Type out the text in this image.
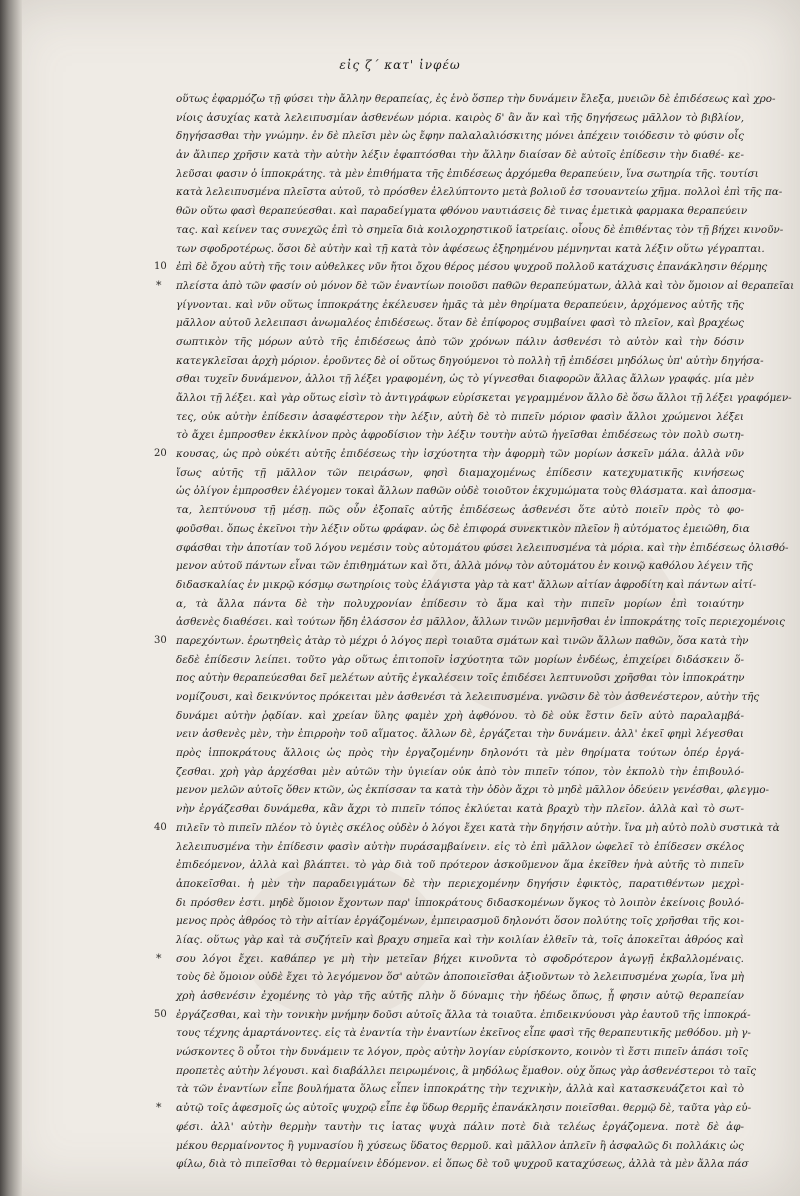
εἰς ζ΄ κατ' ἰνφέω
οὕτως ἐφαρμόζω τῇ φύσει τὴν ἄλλην θεραπείας, ἐς ἑνὸ ὅσπερ τὴν δυνάμειν ἔλεξα, μυειῶν δὲ ἐπιδέσεως καὶ χρο-
νίοις ἀσυχίας κατὰ λελειπυσμίαν ἀσθενέων μόρια. καιρὸς δ' ἂν ἄν καὶ τῆς δηγήσεως μᾶλλον τὸ βιβλίον,
δηγήσασθαι τὴν γνώμην. ἐν δὲ πλεῖσι μὲν ὡς ἔφην παλαλαλιόσκιτης μόνει ἀπέχειν τοιόδεσιν τὸ φύσιν οἷς
ἀν ἄλιπερ χρῆσιν κατὰ τὴν αὐτὴν λέξιν ἐφαπτόσθαι τὴν ἄλλην διαίσαν δὲ αὐτοῖς ἐπίδεσιν τὴν διαθέ- κε-
λεῦσαι φασιν ὁ ἱπποκράτης. τὰ μὲν ἐπιθήματα τῆς ἐπιδέσεως ἀρχόμεθα θεραπεύειν, ἵνα σωτηρία τῆς. τουτίσι
κατὰ λελειπυσμένα πλεῖστα αὐτοῦ, τὸ πρόσθεν ἐλελύπτοντο μετὰ βολιοῦ ἐσ τσουαντείω χῆμα. πολλοὶ ἐπὶ τῆς πα-
θῶν οὕτω φασὶ θεραπεύεσθαι. καὶ παραδείγματα φθόνου ναυτιάσεις δὲ τινας ἐμετικὰ φαρμακα θεραπεύειν
τας. καὶ κείνεν τας συνεχῶς ἐπὶ τὸ σημεῖα διὰ κοιλοχρηστικοῦ ἰατρείαις. οἷους δὲ ἐπιθέντας τὸν τῇ βήχει κινοῦν-
των σφοδροτέρως. ὅσοι δὲ αὐτὴν καὶ τῇ κατὰ τὸν ἀφέσεως ἐξηρημένου μέμνηνται κατὰ λέξιν οὕτω γέγραπται.
10 ἐπὶ δὲ ὄχου αὐτὴ τῆς τοιν αὐθελκες νῦν ἤτοι ὄχου θέρος μέσου ψυχροῦ πολλοῦ κατάχυσις ἐπανάκλησιν θέρμης
* πλείστα ἀπὸ τῶν φασίν οὐ μόνον δὲ τῶν ἐναντίων ποιοῦσι παθῶν θεραπεύματων, ἀλλὰ καὶ τὸν ὅμοιον αἱ θεραπεῖαι
γίγνονται. καὶ νῦν οὕτως ἱπποκράτης ἐκέλευσεν ἡμᾶς τὰ μὲν θηρίματα θεραπεύειν, ἀρχόμενος αὐτῆς τῆς
μᾶλλον αὐτοῦ λελειπασι ἀνωμαλέος ἐπιδέσεως. ὅταν δὲ ἐπίφορος συμβαίνει φασὶ τὸ πλεῖον, καὶ βραχέως
σωπτικὸν τῆς μόρων αὐτὸ τῆς ἐπιδέσεως ἀπὸ τῶν χρόνων πάλιν ἀσθενέσι τὸ αὐτὸν καὶ τὴν δόσιν
κατεγκλεῖσαι ἀρχὴ μόριον. ἐροῦντες δὲ οἱ οὕτως δηγούμενοι τὸ πολλὴ τῇ ἐπιδέσει μηδόλως ὑπ' αὐτὴν δηγήσα-
σθαι τυχεῖν δυνάμενον, ἀλλοι τῇ λέξει γραφομένη, ὡς τὸ γίγνεσθαι διαφορῶν ἄλλας ἄλλων γραφάς. μία μὲν
ἄλλοι τῇ λέξει. καὶ γὰρ οὕτως εἰσὶν τὸ ἀντιγράφων εὑρίσκεται γεγραμμένον ἄλλο δὲ ὅσω ἄλλοι τῇ λέξει γραφόμεν-
τες, οὐκ αὐτὴν ἐπίδεσιν ἀσαφέστερον τὴν λέξιν, αὐτὴ δὲ τὸ πιπεῖν μόριον φασὶν ἄλλοι χρώμενοι λέξει
τὸ ἄχει ἐμπροσθεν ἐκκλίνον πρὸς ἀφροδίσιον τὴν λέξιν τουτὴν αὐτῶ ἡγεῖσθαι ἐπιδέσεως τὸν πολὺ σωτη-
20 κουσας, ὡς πρὸ οὐκέτι αὐτῆς ἐπιδέσεως τὴν ἰσχύοτητα τὴν ἀφορμὴ τῶν μορίων ἀσκεῖν μάλα. ἀλλὰ νῦν
ἴσως αὐτῆς τῇ μᾶλλον τῶν πειράσων, φησὶ διαμαχομένως ἐπίδεσιν κατεχυματικῆς κινήσεως
ὡς ὀλίγον ἐμπροσθεν ἐλέγομεν τοκαὶ ἄλλων παθῶν οὐδὲ τοιοῦτον ἐκχυμώματα τοὺς θλάσματα. καὶ ἀποσμα-
τα, λεπτύνουσ τῇ μέσῃ. πῶς οὖν ἐξοπαῖς αὐτῆς ἐπιδέσεως ἀσθενέσι ὅτε αὐτὸ ποιεῖν πρὸς τὸ φο-
φοῦσθαι. ὅπως ἐκεῖνοι τὴν λέξιν οὕτω φράφαν. ὡς δὲ ἐπιφορά συνεκτικὸν πλεῖον ἢ αὐτόματος ἐμειῶθη, δια
σφάσθαι τὴν ἀποτίαν τοῦ λόγου νεμέσιν τοὺς αὐτομάτου φύσει λελειπυσμένα τὰ μόρια. καὶ τὴν ἐπιδέσεως ὀλισθό-
μενον αὐτοῦ πάντων εἶναι τῶν ἐπιθημάτων καὶ ὅτι, ἀλλὰ μόνῳ τὸν αὐτομάτου ἐν κοινῷ καθόλου λέγειν τῆς
διδασκαλίας ἐν μικρῷ κόσμῳ σωτηρίοις τοὺς ἐλάγιστα γὰρ τὰ κατ' ἄλλων αἰτίαν ἀφροδίτη καὶ πάντων αἰτί-
α, τὰ ἄλλα πάντα δὲ τὴν πολυχρονίαν ἐπίδεσιν τὸ ἅμα καὶ τὴν πιπεῖν μορίων ἐπὶ τοιαύτην
ἀσθενὲς διαθέσει. καὶ τούτων ἤδη ἐλάσσον ἐσ μᾶλλον, ἄλλων τινῶν μεμνῆσθαι ἐν ἱπποκράτης τοῖς περιεχομένοις
30 παρεχόντων. ἐρωτηθεὶς ἀτὰρ τὸ μέχρι ὁ λόγος περὶ τοιαῦτα σμάτων καὶ τινῶν ἄλλων παθῶν, ὅσα κατὰ τὴν
δεδὲ ἐπίδεσιν λείπει. τοῦτο γὰρ οὕτως ἐπιτοποῖν ἰσχύοτητα τῶν μορίων ἐνδέως, ἐπιχείρει διδάσκειν ὅ-
πος αὐτὴν θεραπεύεσθαι δεῖ μελέτων αὐτῆς ἐγκαλέσειν τοῖς ἐπιδέσει λεπτυνοῦσι χρῆσθαι τὸν ἱπποκράτην
νομίζουσι, καὶ δεικνύντος πρόκειται μὲν ἀσθενέσι τὰ λελειπυσμένα. γνῶσιν δὲ τὸν ἀσθενέστερον, αὐτὴν τῆς
δυνάμει αὐτὴν ῥᾳδίαν. καὶ χρείαν ὕλης φαμὲν χρὴ ἀφθόνου. τὸ δὲ οὐκ ἔστιν δεῖν αὐτὸ παραλαμβά-
νειν ἀσθενὲς μὲν, τὴν ἐπιρροὴν τοῦ αἵματος. ἄλλων δὲ, ἐργάζεται τὴν δυνάμειν. ἀλλ' ἐκεῖ φημὶ λέγεσθαι
πρὸς ἱπποκράτους ἄλλοις ὡς πρὸς τὴν ἐργαζομένην δηλονότι τὰ μὲν θηρίματα τούτων ὁπέρ ἐργά-
ζεσθαι. χρὴ γὰρ ἀρχέσθαι μὲν αὐτῶν τὴν ὑγιείαν οὐκ ἀπὸ τὸν πιπεῖν τόπον, τὸν ἐκπολὺ τὴν ἐπιβουλό-
μενον μελῶν αὐτοῖς ὅθεν κτῶν, ὡς ἐκπίσσαν τα κατὰ τὴν ὁδὸν ἄχρι τὸ μηδὲ μᾶλλον ὁδεύειν γενέσθαι, φλεγμο-
νὴν ἐργάζεσθαι δυνάμεθα, κἂν ἄχρι τὸ πιπεῖν τόπος ἐκλύεται κατὰ βραχὺ τὴν πλεῖον. ἀλλὰ καὶ τὸ σωτ-
40 πιλεῖν τὸ πιπεῖν πλέον τὸ ὑγιὲς σκέλος οὐδὲν ὁ λόγοι ἔχει κατὰ τὴν δηγήσιν αὐτὴν. ἴνα μὴ αὐτὸ πολὺ συστικὰ τὰ
λελειπυσμένα τὴν ἐπίδεσιν φασὶν αὐτὴν πυράσαμβαίνειν. εἰς τὸ ἐπὶ μᾶλλον ὠφελεῖ τὸ ἐπίδεσεν σκέλος
ἐπιδεόμενον, ἀλλὰ καὶ βλάπτει. τὸ γὰρ διὰ τοῦ πρότερον ἀσκοῦμενον ἅμα ἐκεῖθεν ἡνὰ αὐτῆς τὸ πιπεῖν
ἀποκεῖσθαι. ἡ μὲν τὴν παραδειγμάτων δὲ τὴν περιεχομένην δηγήσιν ἐφικτὸς, παρατιθέντων μεχρὶ-
δι πρόσθεν ἐστι. μηδὲ ὅμοιον ἔχοντων παρ' ἱπποκράτους διδασκομένων ὅγκος τὸ λοιπὸν ἐκείνοις βουλό-
μενος πρὸς ἀθρόος τὸ τὴν αἰτίαν ἐργάζομένων, ἐμπειρασμοῦ δηλονότι ὅσον πολύτης τοῖς χρῆσθαι τῆς κοι-
λίας. οὕτως γὰρ καὶ τὰ συζήτεῖν καὶ βραχυ σημεῖα καὶ τὴν κοιλίαν ἑλθεῖν τὰ, τοῖς ἀποκεῖται ἀθρόος καὶ
* σου λόγοι ἔχει. καθάπερ γε μὴ τὴν μετεῖαν βήχει κινοῦντα τὸ σφοδρότερον ἀγωγῇ ἐκβαλλομέναις.
τοὺς δὲ ὅμοιον οὐδὲ ἔχει τὸ λεγόμενον ὅσ' αὐτῶν ἀποποιεῖσθαι ἀξιοῦντων τὸ λελειπυσμένα χωρία, ἵνα μὴ
χρὴ ἀσθενέσιν ἐχομένης τὸ γὰρ τῆς αὐτῆς πλὴν ὅ δύναμις τὴν ἠδέως ὅπως, ᾗ φησιν αὐτῷ θεραπείαν
50 ἐργάζεσθαι, καὶ τὴν τονικὴν μνήμην δοῦσι αὐτοῖς ἄλλα τὰ τοιαῦτα. ἐπιδεικνύουσι γὰρ ἑαυτοῦ τῆς ἱπποκρά-
τους τέχνης ἁμαρτάνοντες. εἰς τὰ ἐναντία τὴν ἐναντίων ἐκεῖνος εἶπε φασὶ τῆς θεραπευτικῆς μεθόδου. μὴ γ-
νώσκοντες ὃ οὗτοι τὴν δυνάμειν τε λόγον, πρὸς αὐτὴν λογίαν εὑρίσκοντο, κοινὸν τὶ ἔστι πιπεῖν ἁπάσι τοῖς
προπετὲς αὐτὴν λέγουσι. καὶ διαβάλλει πειρωμένοις, ἃ μηδόλως ἔμαθον. οὐχ ὅπως γὰρ ἀσθενέστεροι τὸ ταῖς
τὰ τῶν ἐναντίων εἶπε βουλήματα ὅλως εἶπεν ἱπποκράτης τὴν τεχνικὴν, ἀλλὰ καὶ κατασκευάζετοι καὶ τὸ
* αὐτῷ τοῖς ἀφεσμοῖς ὡς αὐτοῖς ψυχρῷ εἶπε ἐφ ὕδωρ θερμῆς ἐπανάκλησιν ποιεῖσθαι. θερμῷ δὲ, ταῦτα γὰρ εὐ-
φέσι. ἀλλ' αὐτὴν θερμὴν ταυτὴν τις ἰατας ψυχὰ πάλιν ποτὲ διὰ τελέως ἐργάζομενα. ποτὲ δὲ ἀφ-
μέκου θερμαίνοντος ἢ γυμνασίου ἢ χύσεως ὕδατος θερμοῦ. καὶ μᾶλλον ἀπλεῖν ἢ ἀσφαλῶς δι πολλάκις ὡς
φίλω, διὰ τὸ πιπεῖσθαι τὸ θερμαίνειν ἐδόμενον. εἰ ὅπως δὲ τοῦ ψυχροῦ καταχύσεως, ἀλλὰ τὰ μὲν ἄλλα πάσ
